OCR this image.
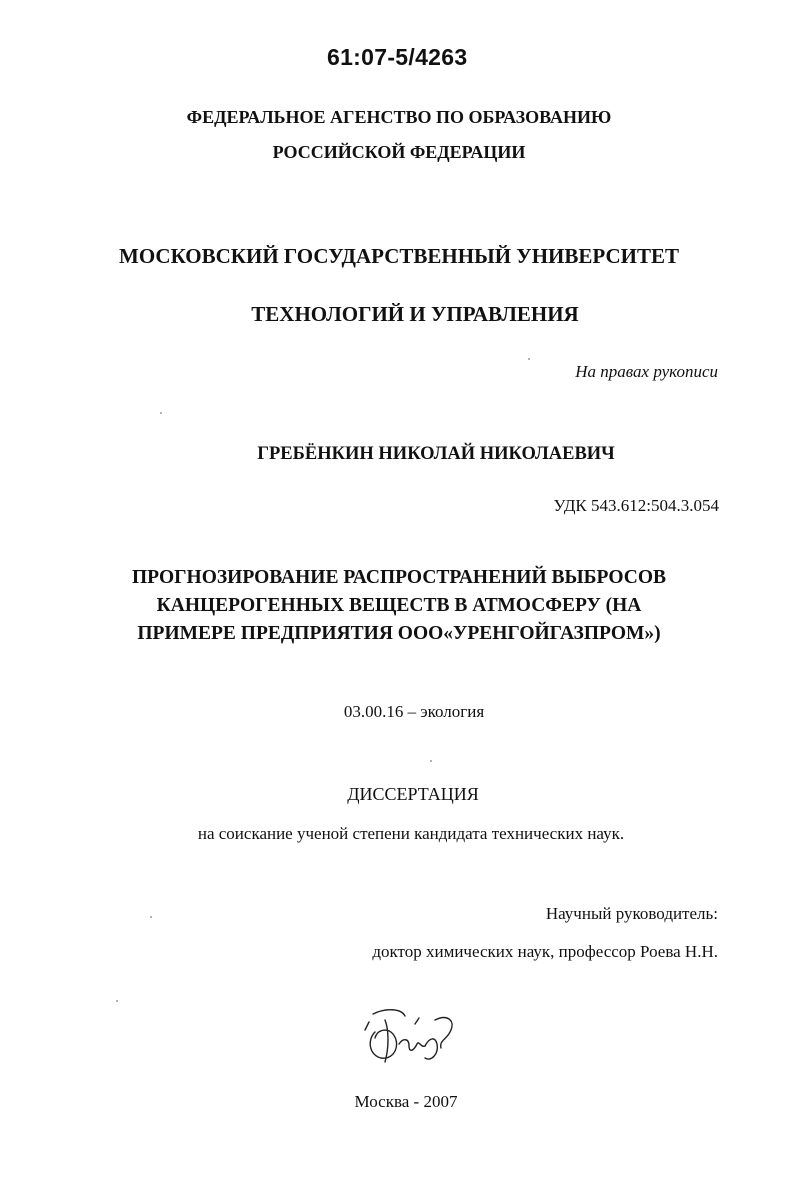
61:07-5/4263
ФЕДЕРАЛЬНОЕ АГЕНСТВО ПО ОБРАЗОВАНИЮ
РОССИЙСКОЙ ФЕДЕРАЦИИ
МОСКОВСКИЙ ГОСУДАРСТВЕННЫЙ УНИВЕРСИТЕТ
ТЕХНОЛОГИЙ И УПРАВЛЕНИЯ
На правах рукописи
ГРЕБЁНКИН НИКОЛАЙ НИКОЛАЕВИЧ
УДК 543.612:504.3.054
ПРОГНОЗИРОВАНИЕ РАСПРОСТРАНЕНИЙ ВЫБРОСОВ
КАНЦЕРОГЕННЫХ ВЕЩЕСТВ В АТМОСФЕРУ (НА
ПРИМЕРЕ ПРЕДПРИЯТИЯ ООО«УРЕНГОЙГАЗПРОМ»)
03.00.16 – экология
ДИССЕРТАЦИЯ
на соискание ученой степени кандидата технических наук.
Научный руководитель:
доктор химических наук, профессор Роева Н.Н.
Москва - 2007
